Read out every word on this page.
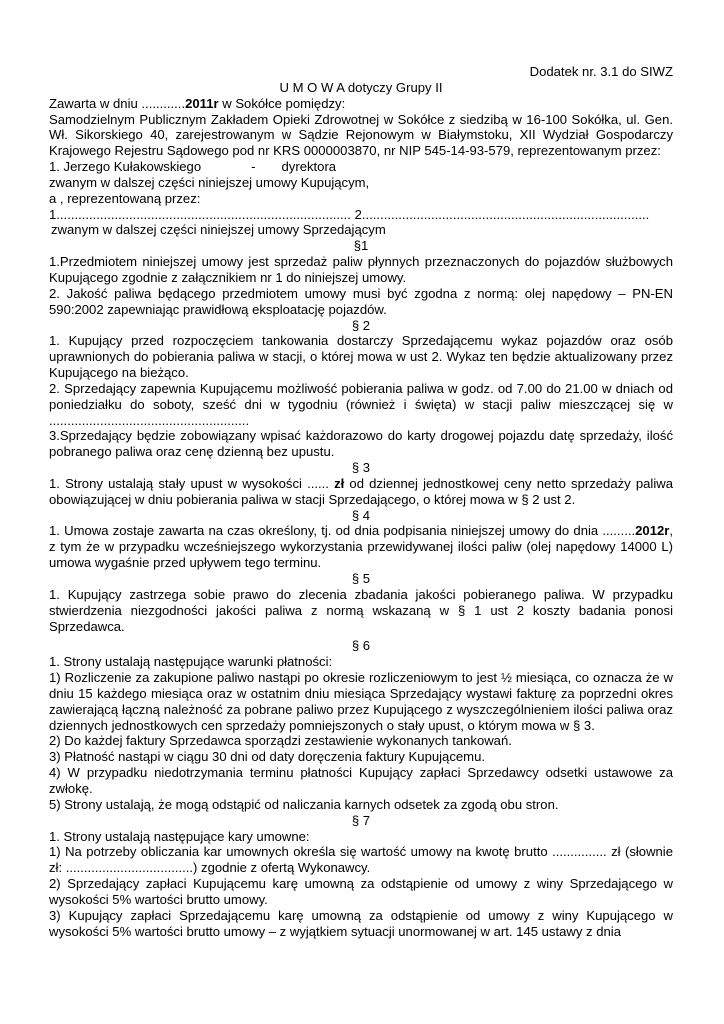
Dodatek nr. 3.1 do SIWZ
U M O W A dotyczy Grupy II
Zawarta w dniu ............2011r w Sokółce pomiędzy:
Samodzielnym Publicznym Zakładem Opieki Zdrowotnej w Sokółce z siedzibą w 16-100 Sokółka, ul. Gen. Wł. Sikorskiego 40, zarejestrowanym w Sądzie Rejonowym w Białymstoku, XII Wydział Gospodarczy Krajowego Rejestru Sądowego pod nr KRS 0000003870, nr NIP 545-14-93-579, reprezentowanym przez:
1. Jerzego Kułakowskiego	- dyrektora
zwanym w dalszej części niniejszej umowy Kupującym,
a , reprezentowaną przez:
1................................................................................. 2...............................................................................
zwanym w dalszej części niniejszej umowy Sprzedającym
§1
1.Przedmiotem niniejszej umowy jest sprzedaż paliw płynnych przeznaczonych do pojazdów służbowych Kupującego zgodnie z załącznikiem nr 1 do niniejszej umowy.
2. Jakość paliwa będącego przedmiotem umowy musi być zgodna z normą: olej napędowy – PN-EN 590:2002 zapewniając prawidłową eksploatację pojazdów.
§ 2
1. Kupujący przed rozpoczęciem tankowania dostarczy Sprzedającemu wykaz pojazdów oraz osób uprawnionych do pobierania paliwa w stacji, o której mowa w ust 2. Wykaz ten będzie aktualizowany przez Kupującego na bieżąco.
2. Sprzedający zapewnia Kupującemu możliwość pobierania paliwa w godz. od 7.00 do 21.00 w dniach od poniedziałku do soboty, sześć dni w tygodniu (również i święta) w stacji paliw mieszczącej się w .......................................................
3.Sprzedający będzie zobowiązany wpisać każdorazowo do karty drogowej pojazdu datę sprzedaży, ilość pobranego paliwa oraz cenę dzienną bez upustu.
§ 3
1. Strony ustalają stały upust w wysokości ...... zł od dziennej jednostkowej ceny netto sprzedaży paliwa obowiązującej w dniu pobierania paliwa w stacji Sprzedającego, o której mowa w § 2 ust 2.
§ 4
1. Umowa zostaje zawarta na czas określony, tj. od dnia podpisania niniejszej umowy do dnia .........2012r, z tym że w przypadku wcześniejszego wykorzystania przewidywanej ilości paliw (olej napędowy 14000 L) umowa wygaśnie przed upływem tego terminu.
§ 5
1. Kupujący zastrzega sobie prawo do zlecenia zbadania jakości pobieranego paliwa. W przypadku stwierdzenia niezgodności jakości paliwa z normą wskazaną w § 1 ust 2 koszty badania ponosi Sprzedawca.
§ 6
1. Strony ustalają następujące warunki płatności:
1) Rozliczenie za zakupione paliwo nastąpi po okresie rozliczeniowym to jest ½ miesiąca, co oznacza że w dniu 15 każdego miesiąca oraz w ostatnim dniu miesiąca Sprzedający wystawi fakturę za poprzedni okres zawierającą łączną należność za pobrane paliwo przez Kupującego z wyszczególnieniem ilości paliwa oraz dziennych jednostkowych cen sprzedaży pomniejszonych o stały upust, o którym mowa w § 3.
2) Do każdej faktury Sprzedawca sporządzi zestawienie wykonanych tankowań.
3) Płatność nastąpi w ciągu 30 dni od daty doręczenia faktury Kupującemu.
4) W przypadku niedotrzymania terminu płatności Kupujący zapłaci Sprzedawcy odsetki ustawowe za zwłokę.
5) Strony ustalają, że mogą odstąpić od naliczania karnych odsetek za zgodą obu stron.
§ 7
1. Strony ustalają następujące kary umowne:
1) Na potrzeby obliczania kar umownych określa się wartość umowy na kwotę brutto ............... zł (słownie zł: ...................................) zgodnie z ofertą Wykonawcy.
2) Sprzedający zapłaci Kupującemu karę umowną za odstąpienie od umowy z winy Sprzedającego w wysokości 5% wartości brutto umowy.
3) Kupujący zapłaci Sprzedającemu karę umowną za odstąpienie od umowy z winy Kupującego w wysokości 5% wartości brutto umowy – z wyjątkiem sytuacji unormowanej w art. 145 ustawy z dnia
